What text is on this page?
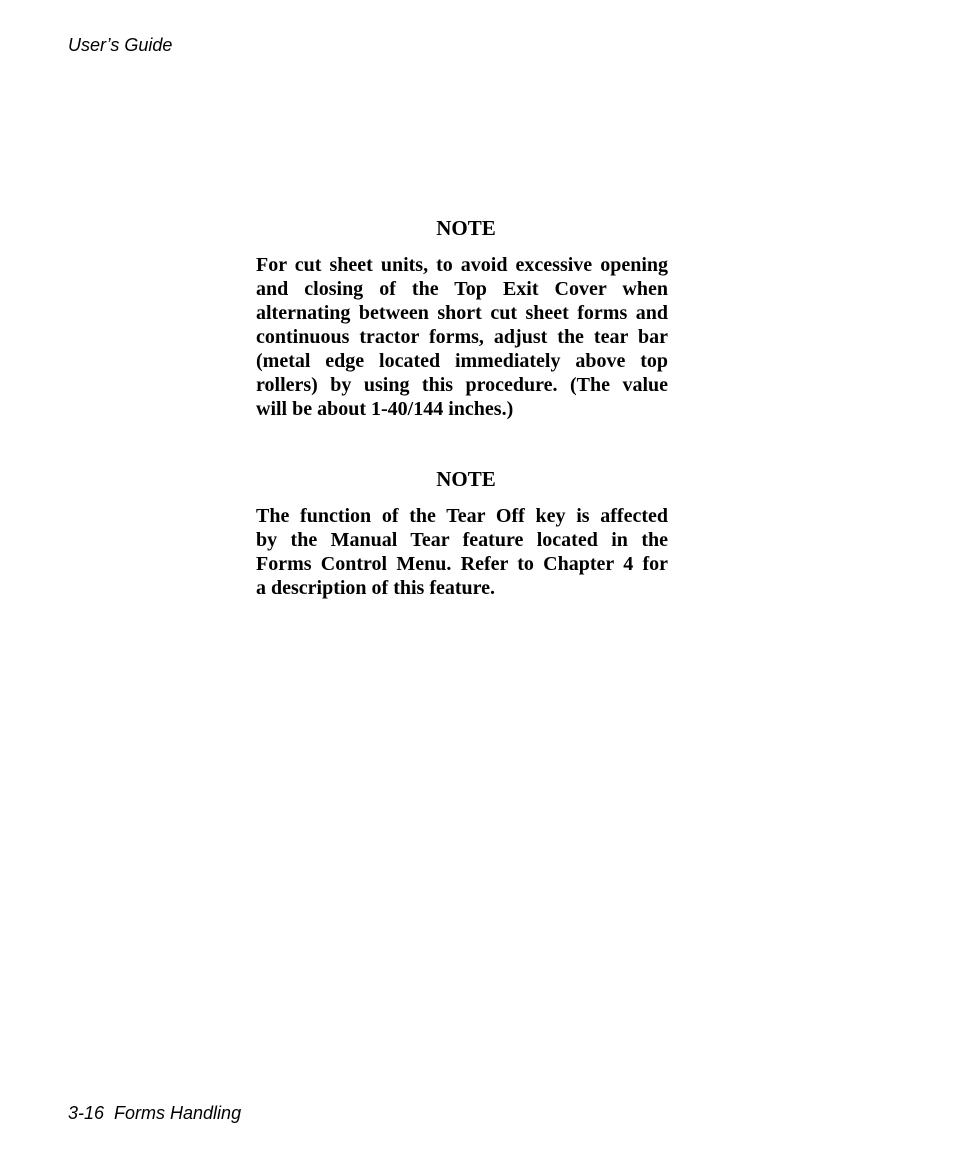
User’s Guide

NOTE

For cut sheet units, to avoid excessive opening
and closing of the Top Exit Cover when
alternating between short cut sheet forms and
continuous tractor forms, adjust the tear bar
(metal edge located immediately above top
rollers) by using this procedure. (The value
will be about 1-40/144 inches.)

NOTE

The function of the Tear Off key is affected
by the Manual Tear feature located in the
Forms Control Menu. Refer to Chapter 4 for
a description of this feature.

3-16  Forms Handling
